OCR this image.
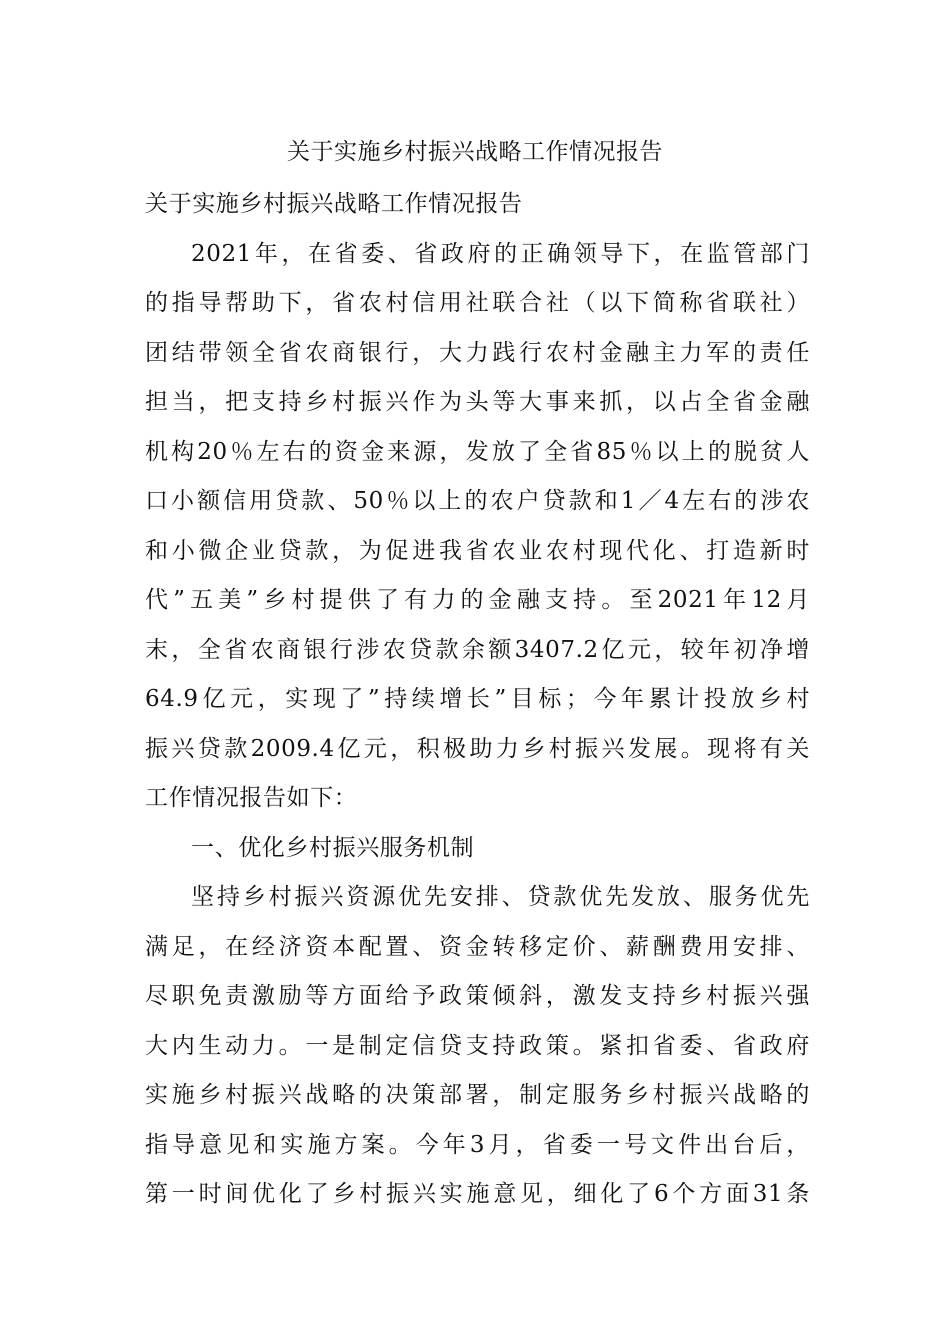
关于实施乡村振兴战略工作情况报告
关于实施乡村振兴战略工作情况报告
2021年，在省委、省政府的正确领导下，在监管部门
的指导帮助下，省农村信用社联合社（以下简称省联社）
团结带领全省农商银行，大力践行农村金融主力军的责任
担当，把支持乡村振兴作为头等大事来抓，以占全省金融
机构20％左右的资金来源，发放了全省85％以上的脱贫人
口小额信用贷款、50％以上的农户贷款和1／4左右的涉农
和小微企业贷款，为促进我省农业农村现代化、打造新时
代”五美”乡村提供了有力的金融支持。至2021年12月
末，全省农商银行涉农贷款余额3407.2亿元，较年初净增
64.9亿元，实现了”持续增长”目标；今年累计投放乡村
振兴贷款2009.4亿元，积极助力乡村振兴发展。现将有关
工作情况报告如下：
一、优化乡村振兴服务机制
坚持乡村振兴资源优先安排、贷款优先发放、服务优先
满足，在经济资本配置、资金转移定价、薪酬费用安排、
尽职免责激励等方面给予政策倾斜，激发支持乡村振兴强
大内生动力。一是制定信贷支持政策。紧扣省委、省政府
实施乡村振兴战略的决策部署，制定服务乡村振兴战略的
指导意见和实施方案。今年3月，省委一号文件出台后，
第一时间优化了乡村振兴实施意见，细化了6个方面31条
